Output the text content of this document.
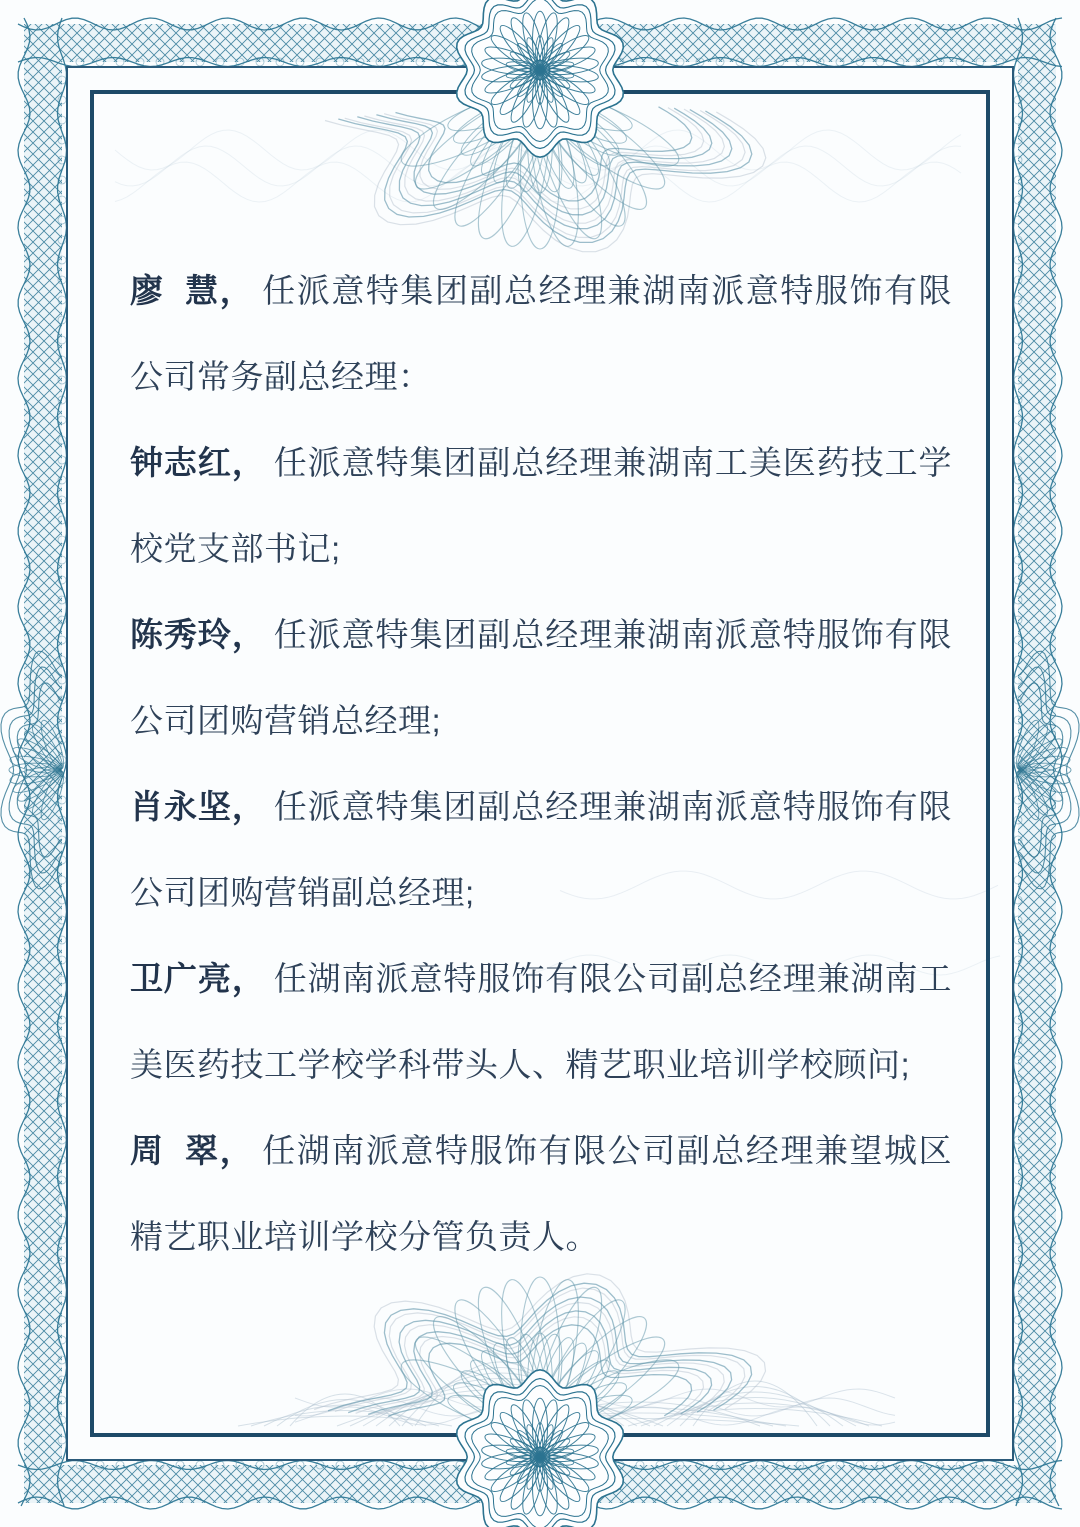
廖 慧， 任派意特集团副总经理兼湖南派意特服饰有限公司常务副总经理：

钟志红， 任派意特集团副总经理兼湖南工美医药技工学校党支部书记;

陈秀玲， 任派意特集团副总经理兼湖南派意特服饰有限公司团购营销总经理;

肖永坚， 任派意特集团副总经理兼湖南派意特服饰有限公司团购营销副总经理;

卫广亮， 任湖南派意特服饰有限公司副总经理兼湖南工美医药技工学校学科带头人、精艺职业培训学校顾问;

周 翠， 任湖南派意特服饰有限公司副总经理兼望城区精艺职业培训学校分管负责人。
